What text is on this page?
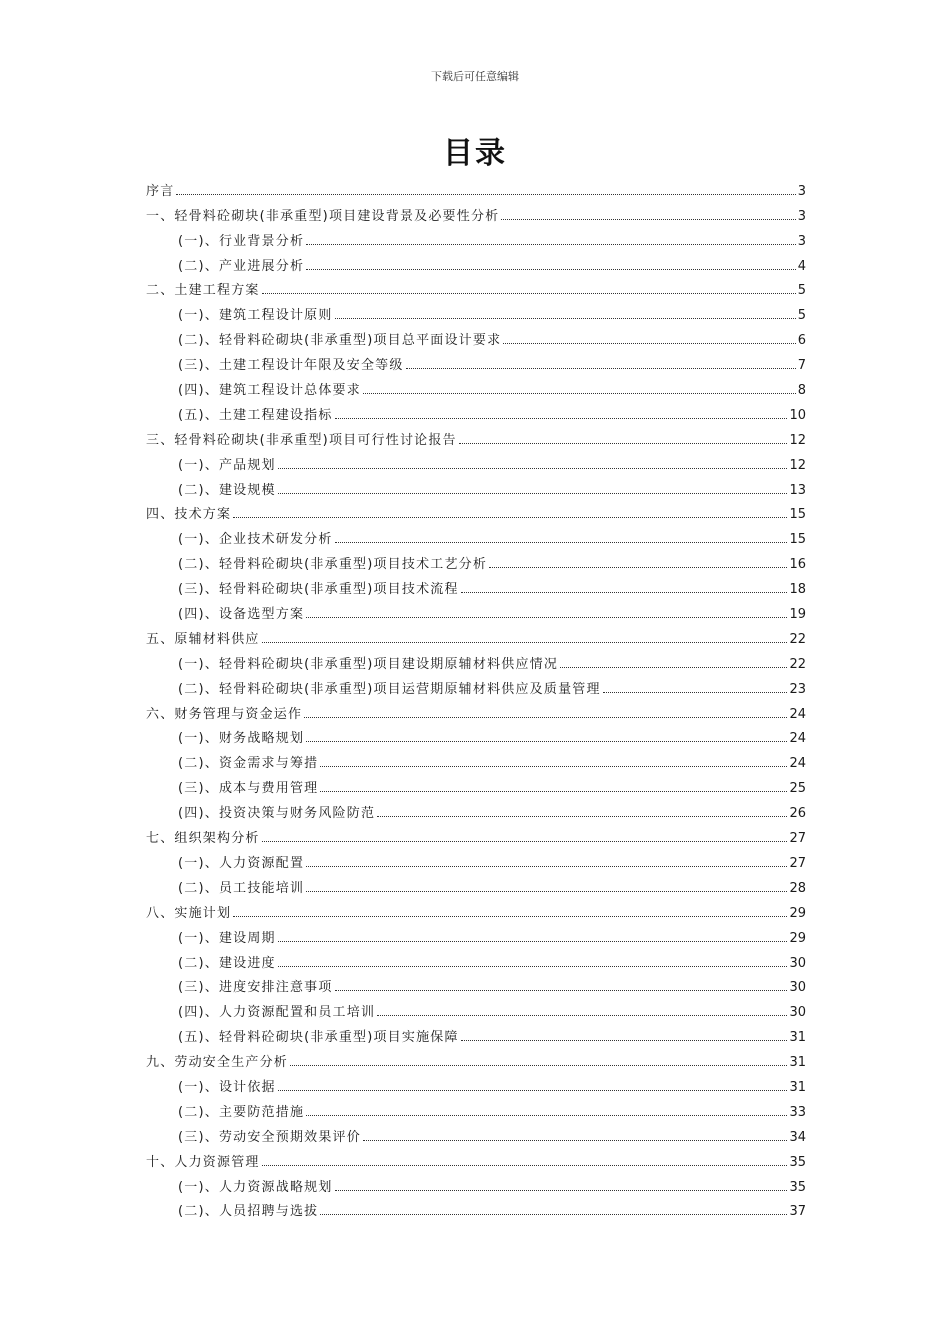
下载后可任意编辑
目录
序言	3
一、轻骨料砼砌块(非承重型)项目建设背景及必要性分析	3
(一)、行业背景分析	3
(二)、产业进展分析	4
二、土建工程方案	5
(一)、建筑工程设计原则	5
(二)、轻骨料砼砌块(非承重型)项目总平面设计要求	6
(三)、土建工程设计年限及安全等级	7
(四)、建筑工程设计总体要求	8
(五)、土建工程建设指标	10
三、轻骨料砼砌块(非承重型)项目可行性讨论报告	12
(一)、产品规划	12
(二)、建设规模	13
四、技术方案	15
(一)、企业技术研发分析	15
(二)、轻骨料砼砌块(非承重型)项目技术工艺分析	16
(三)、轻骨料砼砌块(非承重型)项目技术流程	18
(四)、设备选型方案	19
五、原辅材料供应	22
(一)、轻骨料砼砌块(非承重型)项目建设期原辅材料供应情况	22
(二)、轻骨料砼砌块(非承重型)项目运营期原辅材料供应及质量管理	23
六、财务管理与资金运作	24
(一)、财务战略规划	24
(二)、资金需求与筹措	24
(三)、成本与费用管理	25
(四)、投资决策与财务风险防范	26
七、组织架构分析	27
(一)、人力资源配置	27
(二)、员工技能培训	28
八、实施计划	29
(一)、建设周期	29
(二)、建设进度	30
(三)、进度安排注意事项	30
(四)、人力资源配置和员工培训	30
(五)、轻骨料砼砌块(非承重型)项目实施保障	31
九、劳动安全生产分析	31
(一)、设计依据	31
(二)、主要防范措施	33
(三)、劳动安全预期效果评价	34
十、人力资源管理	35
(一)、人力资源战略规划	35
(二)、人员招聘与选拔	37
